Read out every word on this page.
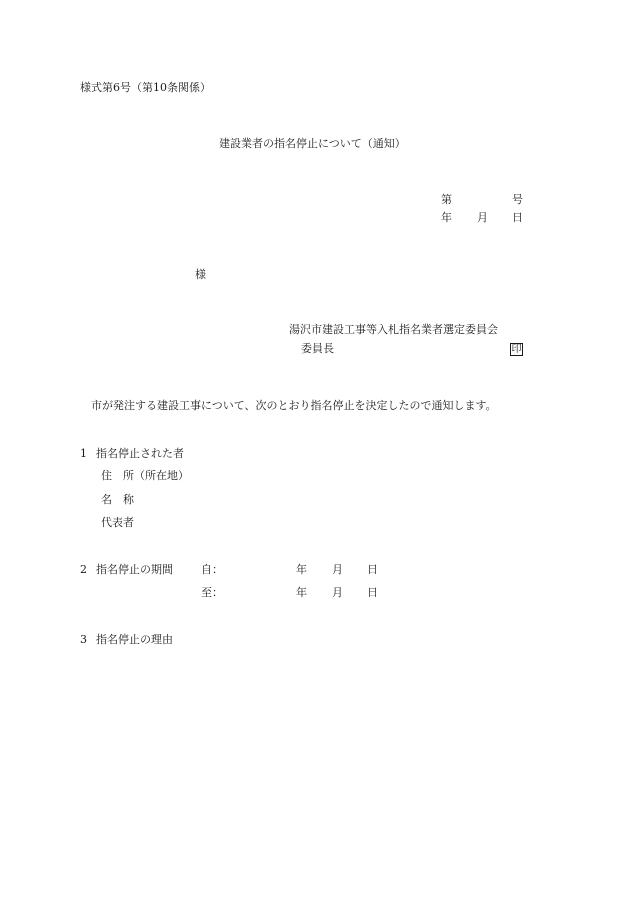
様式第6号（第10条関係）
建設業者の指名停止について（通知）
第	号
年 月 日
様
湯沢市建設工事等入札指名業者選定委員会
委員長	印
市が発注する建設工事について、次のとおり指名停止を決定したので通知します。
1 指名停止された者
住　所（所在地）
名　称
代表者
2 指名停止の期間	自：	年 月 日
至：	年 月 日
3 指名停止の理由
